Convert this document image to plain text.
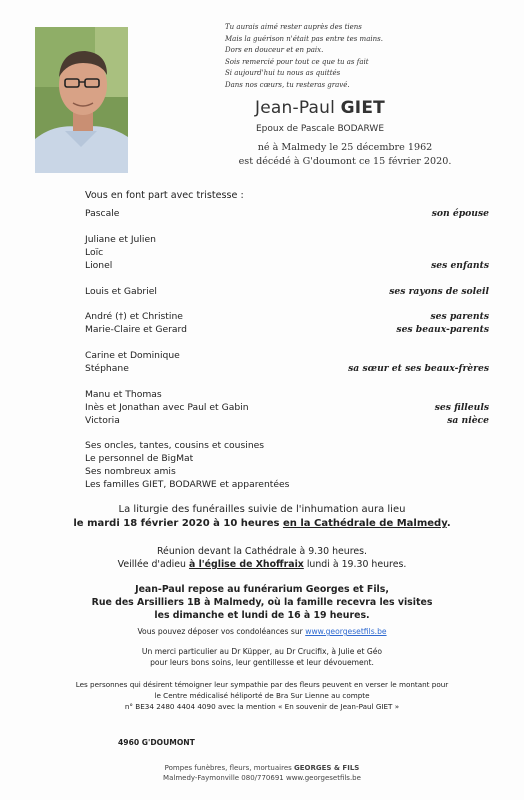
Tu aurais aimé rester auprès des tiens
Mais la guérison n'était pas entre tes mains.
Dors en douceur et en paix.
Sois remercié pour tout ce que tu as fait
Si aujourd'hui tu nous as quittés
Dans nos cœurs, tu resteras gravé.
Jean-Paul GIET
Epoux de Pascale BODARWE
né à Malmedy le 25 décembre 1962
est décédé à G'doumont ce 15 février 2020.
Vous en font part avec tristesse :
Pascale
Juliane et Julien
Loïc
Lionel
Louis et Gabriel
André (†) et Christine
Marie-Claire et Gerard
Carine et Dominique
Stéphane
Manu et Thomas
Inès et Jonathan avec Paul et Gabin
Victoria
Ses oncles, tantes, cousins et cousines
Le personnel de BigMat
Ses nombreux amis
Les familles GIET, BODARWE et apparentées
son épouse
ses enfants
ses rayons de soleil
ses parents
ses beaux-parents
sa sœur et ses beaux-frères
ses filleuls
sa nièce
La liturgie des funérailles suivie de l'inhumation aura lieu
le mardi 18 février 2020 à 10 heures en la Cathédrale de Malmedy.
Réunion devant la Cathédrale à 9.30 heures.
Veillée d'adieu à l'église de Xhoffraix lundi à 19.30 heures.
Jean-Paul repose au funérarium Georges et Fils,
Rue des Arsilliers 1B à Malmedy, où la famille recevra les visites
les dimanche et lundi de 16 à 19 heures.
Vous pouvez déposer vos condoléances sur www.georgesetfils.be
Un merci particulier au Dr Küpper, au Dr Crucifix, à Julie et Géo
pour leurs bons soins, leur gentillesse et leur dévouement.
Les personnes qui désirent témoigner leur sympathie par des fleurs peuvent en verser le montant pour
le Centre médicalisé héliporté de Bra Sur Lienne au compte
n° BE34 2480 4404 4090 avec la mention « En souvenir de Jean-Paul GIET »
4960 G'DOUMONT
Pompes funèbres, fleurs, mortuaires GEORGES & FILS
Malmedy-Faymonville 080/770691 www.georgesetfils.be
